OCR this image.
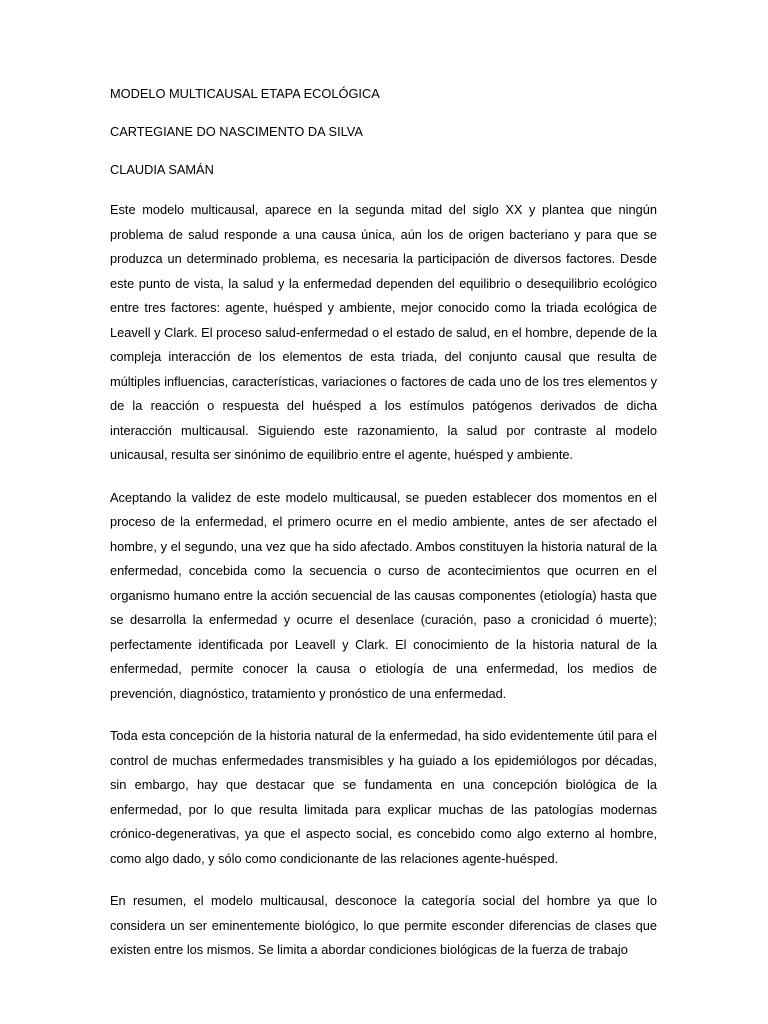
MODELO MULTICAUSAL ETAPA ECOLÓGICA

CARTEGIANE DO NASCIMENTO DA SILVA

CLAUDIA SAMÁN

Este modelo multicausal, aparece en la segunda mitad del siglo XX y plantea que ningún problema de salud responde a una causa única, aún los de origen bacteriano y para que se produzca un determinado problema, es necesaria la participación de diversos factores. Desde este punto de vista, la salud y la enfermedad dependen del equilibrio o desequilibrio ecológico entre tres factores: agente, huésped y ambiente, mejor conocido como la triada ecológica de Leavell y Clark. El proceso salud-enfermedad o el estado de salud, en el hombre, depende de la compleja interacción de los elementos de esta triada, del conjunto causal que resulta de múltiples influencias, características, variaciones o factores de cada uno de los tres elementos y de la reacción o respuesta del huésped a los estímulos patógenos derivados de dicha interacción multicausal. Siguiendo este razonamiento, la salud por contraste al modelo unicausal, resulta ser sinónimo de equilibrio entre el agente, huésped y ambiente.

Aceptando la validez de este modelo multicausal, se pueden establecer dos momentos en el proceso de la enfermedad, el primero ocurre en el medio ambiente, antes de ser afectado el hombre, y el segundo, una vez que ha sido afectado. Ambos constituyen la historia natural de la enfermedad, concebida como la secuencia o curso de acontecimientos que ocurren en el organismo humano entre la acción secuencial de las causas componentes (etiología) hasta que se desarrolla la enfermedad y ocurre el desenlace (curación, paso a cronicidad ó muerte); perfectamente identificada por Leavell y Clark. El conocimiento de la historia natural de la enfermedad, permite conocer la causa o etiología de una enfermedad, los medios de prevención, diagnóstico, tratamiento y pronóstico de una enfermedad.

Toda esta concepción de la historia natural de la enfermedad, ha sido evidentemente útil para el control de muchas enfermedades transmisibles y ha guiado a los epidemiólogos por décadas, sin embargo, hay que destacar que se fundamenta en una concepción biológica de la enfermedad, por lo que resulta limitada para explicar muchas de las patologías modernas crónico-degenerativas, ya que el aspecto social, es concebido como algo externo al hombre, como algo dado, y sólo como condicionante de las relaciones agente-huésped.

En resumen, el modelo multicausal, desconoce la categoría social del hombre ya que lo considera un ser eminentemente biológico, lo que permite esconder diferencias de clases que existen entre los mismos. Se limita a abordar condiciones biológicas de la fuerza de trabajo
